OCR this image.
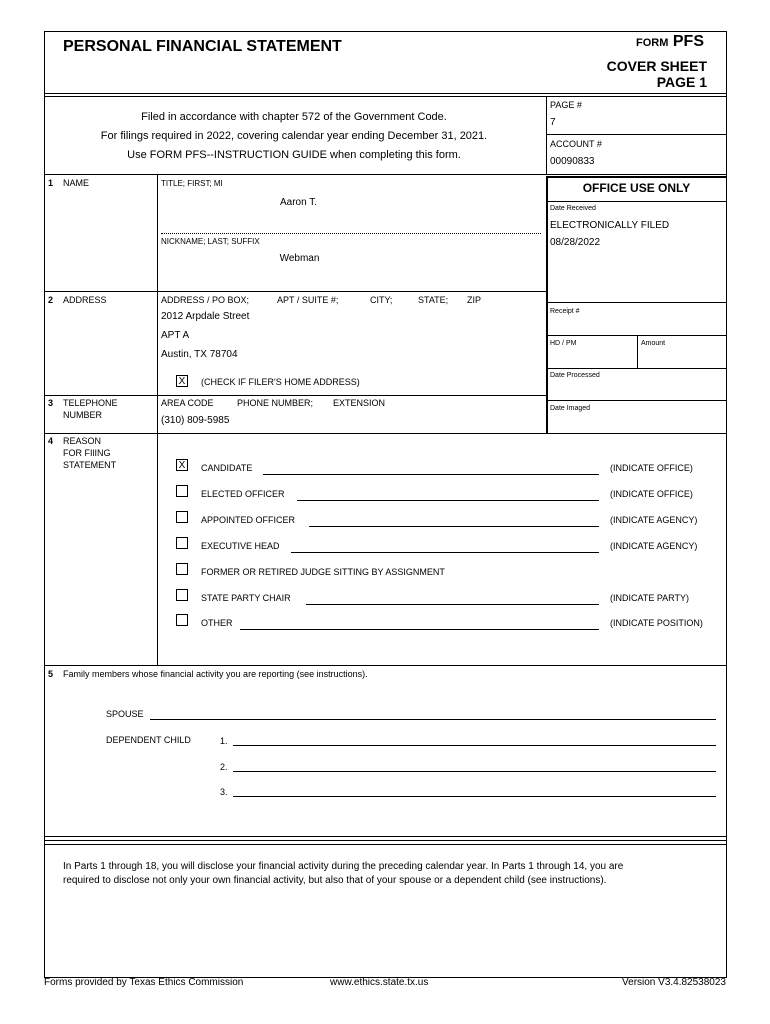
PERSONAL FINANCIAL STATEMENT	FORM PFS
COVER SHEET
PAGE 1
Filed in accordance with chapter 572 of the Government Code.
For filings required in 2022, covering calendar year ending December 31, 2021.
Use FORM PFS--INSTRUCTION GUIDE when completing this form.
PAGE #
7
ACCOUNT #
00090833
1 NAME	TITLE; FIRST; MI
Aaron T.
NICKNAME; LAST; SUFFIX
Webman
OFFICE USE ONLY
Date Received
ELECTRONICALLY FILED
08/28/2022
Receipt #
HD / PM	Amount
Date Processed
Date Imaged
2 ADDRESS	ADDRESS / PO BOX;	APT / SUITE #;	CITY;	STATE; ZIP
2012 Arpdale Street
APT A
Austin, TX 78704
X (CHECK IF FILER'S HOME ADDRESS)
3 TELEPHONE
NUMBER
AREA CODE	PHONE NUMBER; EXTENSION
(310) 809-5985
4 REASON
FOR FIlING
STATEMENT	X CANDIDATE	(INDICATE OFFICE)
ELECTED OFFICER	(INDICATE OFFICE)
APPOINTED OFFICER	(INDICATE AGENCY)
EXECUTIVE HEAD	(INDICATE AGENCY)
FORMER OR RETIRED JUDGE SITTING BY ASSIGNMENT
STATE PARTY CHAIR	(INDICATE PARTY)
OTHER	(INDICATE POSITION)
5 Family members whose financial activity you are reporting (see instructions).
SPOUSE
DEPENDENT CHILD	1.
2.
3.
In Parts 1 through 18, you will disclose your financial activity during the preceding calendar year. In Parts 1 through 14, you are
required to disclose not only your own financial activity, but also that of your spouse or a dependent child (see instructions).
Forms provided by Texas Ethics Commission	www.ethics.state.tx.us	Version V3.4.82538023
